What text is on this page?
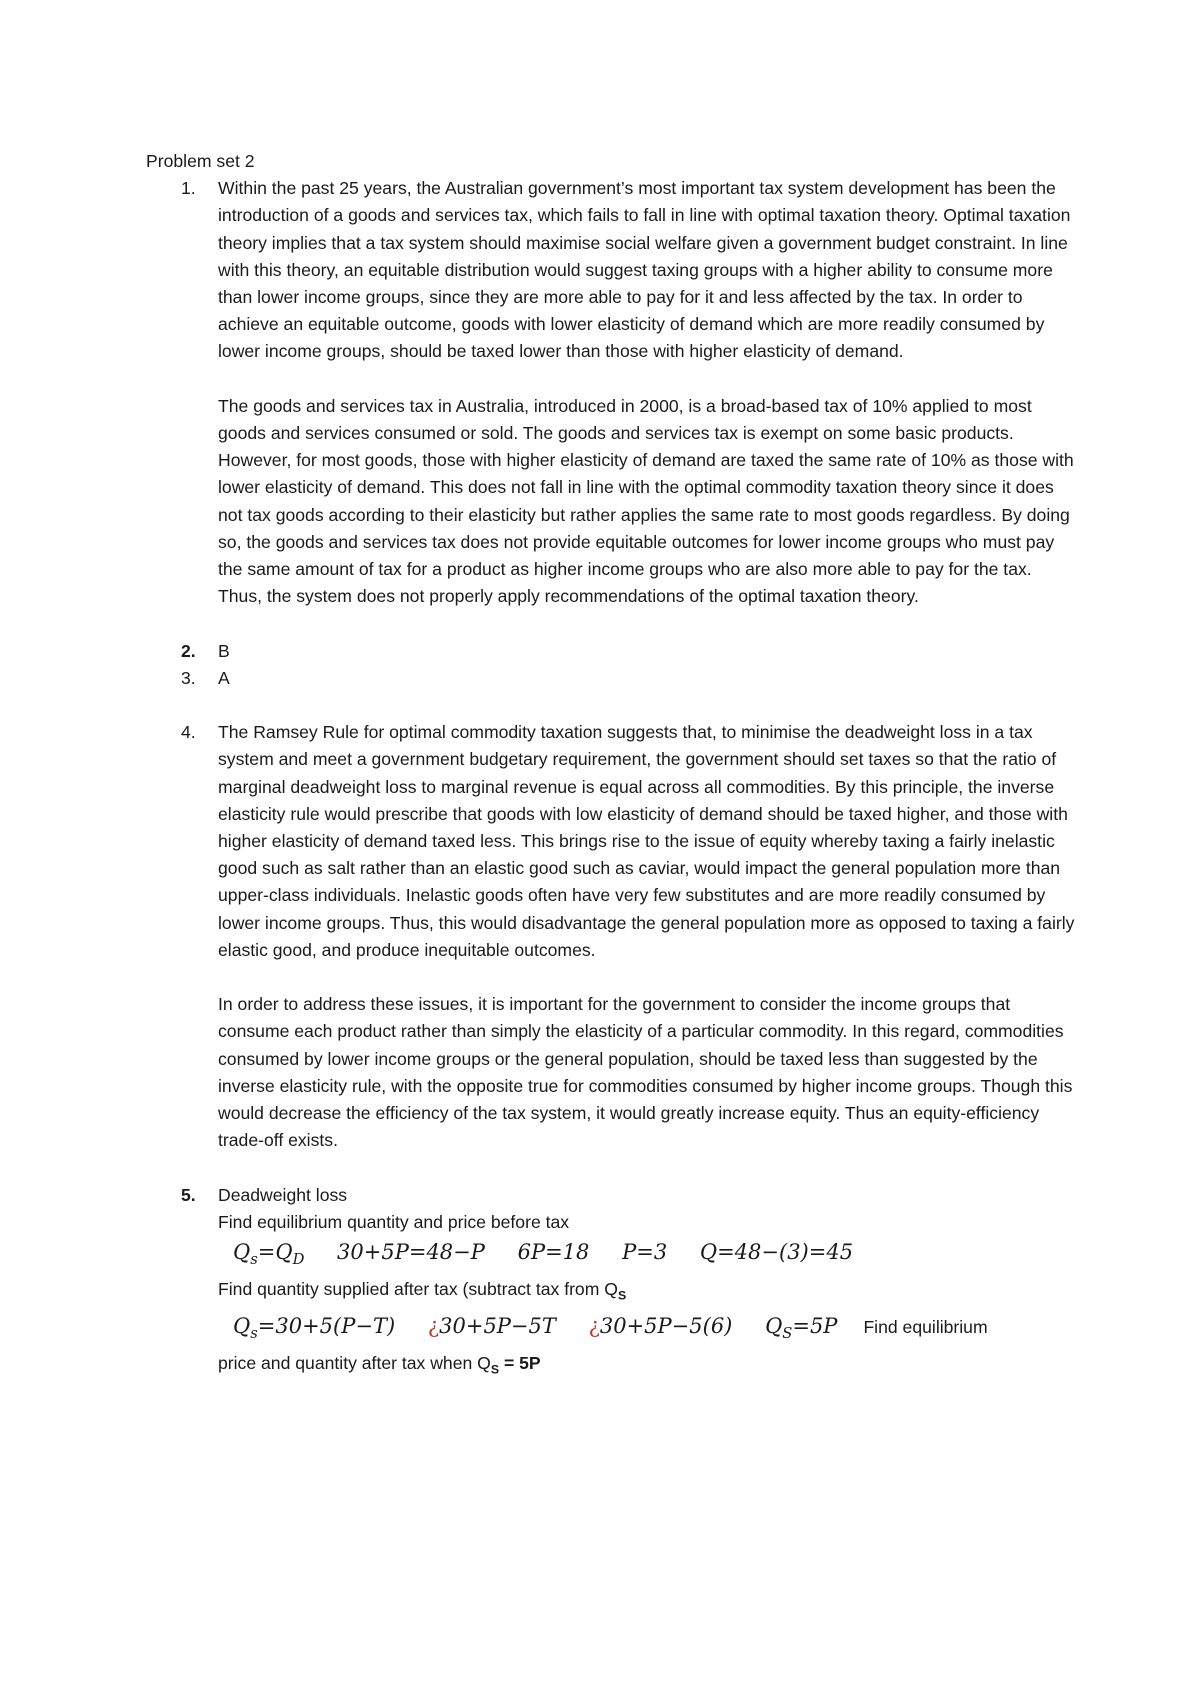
Problem set 2

1.	Within the past 25 years, the Australian government’s most important tax system development has been the introduction of a goods and services tax, which fails to fall in line with optimal taxation theory. Optimal taxation theory implies that a tax system should maximise social welfare given a government budget constraint. In line with this theory, an equitable distribution would suggest taxing groups with a higher ability to consume more than lower income groups, since they are more able to pay for it and less affected by the tax. In order to achieve an equitable outcome, goods with lower elasticity of demand which are more readily consumed by lower income groups, should be taxed lower than those with higher elasticity of demand.

The goods and services tax in Australia, introduced in 2000, is a broad-based tax of 10% applied to most goods and services consumed or sold. The goods and services tax is exempt on some basic products. However, for most goods, those with higher elasticity of demand are taxed the same rate of 10% as those with lower elasticity of demand. This does not fall in line with the optimal commodity taxation theory since it does not tax goods according to their elasticity but rather applies the same rate to most goods regardless. By doing so, the goods and services tax does not provide equitable outcomes for lower income groups who must pay the same amount of tax for a product as higher income groups who are also more able to pay for the tax. Thus, the system does not properly apply recommendations of the optimal taxation theory.

2.	B
3.	A
4.	The Ramsey Rule for optimal commodity taxation suggests that, to minimise the deadweight loss in a tax system and meet a government budgetary requirement, the government should set taxes so that the ratio of marginal deadweight loss to marginal revenue is equal across all commodities. By this principle, the inverse elasticity rule would prescribe that goods with low elasticity of demand should be taxed higher, and those with higher elasticity of demand taxed less. This brings rise to the issue of equity whereby taxing a fairly inelastic good such as salt rather than an elastic good such as caviar, would impact the general population more than upper-class individuals. Inelastic goods often have very few substitutes and are more readily consumed by lower income groups. Thus, this would disadvantage the general population more as opposed to taxing a fairly elastic good, and produce inequitable outcomes.

In order to address these issues, it is important for the government to consider the income groups that consume each product rather than simply the elasticity of a particular commodity. In this regard, commodities consumed by lower income groups or the general population, should be taxed less than suggested by the inverse elasticity rule, with the opposite true for commodities consumed by higher income groups. Though this would decrease the efficiency of the tax system, it would greatly increase equity. Thus an equity-efficiency trade-off exists.

5.	Deadweight loss

Find equilibrium quantity and price before tax

$Q_s=Q_D$ 30+5P=48−P 6P=18 P=3 Q=48−(3)=45

Find quantity supplied after tax (subtract tax from $Q_S$

$Q_s=30+5(P-T)$ ¿30+5P−5T ¿30+5P−5(6) $Q_S=5P$ Find equilibrium

price and quantity after tax when $Q_S = 5P$
